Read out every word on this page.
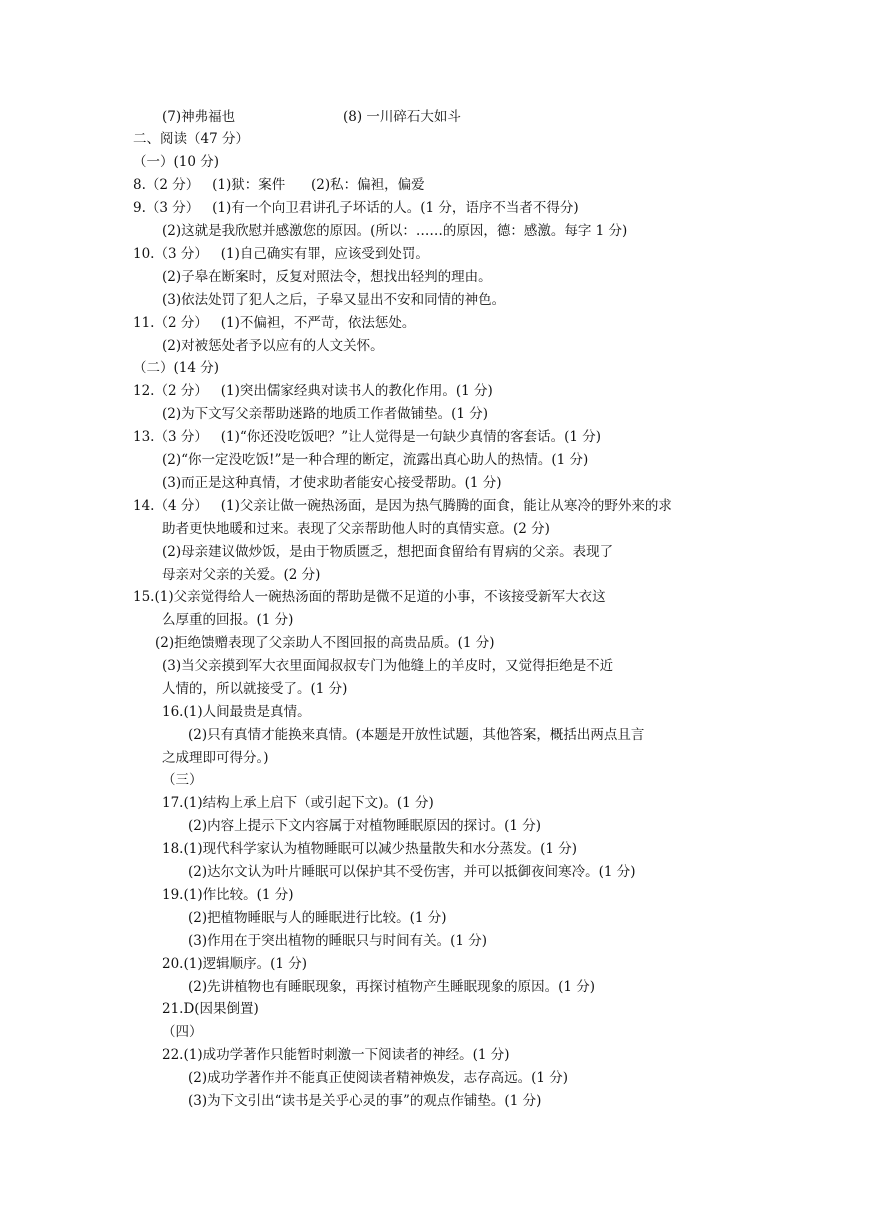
(7)神弗福也	(8) 一川碎石大如斗
二、阅读（47 分）
（一）(10 分)
8.（2 分）   (1)狱：案件      (2)私：偏袒，偏爱
9.（3 分）   (1)有一个向卫君讲孔子坏话的人。(1 分，语序不当者不得分)
(2)这就是我欣慰并感激您的原因。(所以：……的原因，德：感激。每字 1 分)
10.（3 分）   (1)自己确实有罪，应该受到处罚。
(2)子皋在断案时，反复对照法令，想找出轻判的理由。
(3)依法处罚了犯人之后，子皋又显出不安和同情的神色。
11.（2 分）   (1)不偏袒，不严苛，依法惩处。
(2)对被惩处者予以应有的人文关怀。
（二）(14 分)
12.（2 分）   (1)突出儒家经典对读书人的教化作用。(1 分)
(2)为下文写父亲帮助迷路的地质工作者做铺垫。(1 分)
13.（3 分）   (1)“你还没吃饭吧？”让人觉得是一句缺少真情的客套话。(1 分)
(2)“你一定没吃饭!”是一种合理的断定，流露出真心助人的热情。(1 分)
(3)而正是这种真情，才使求助者能安心接受帮助。(1 分)
14.（4 分）   (1)父亲让做一碗热汤面，是因为热气腾腾的面食，能让从寒冷的野外来的求
助者更快地暖和过来。表现了父亲帮助他人时的真情实意。(2 分)
(2)母亲建议做炒饭，是由于物质匮乏，想把面食留给有胃病的父亲。表现了
母亲对父亲的关爱。(2 分)
15.(1)父亲觉得给人一碗热汤面的帮助是微不足道的小事，不该接受新军大衣这
么厚重的回报。(1 分)
(2)拒绝馈赠表现了父亲助人不图回报的高贵品质。(1 分)
(3)当父亲摸到军大衣里面闻叔叔专门为他缝上的羊皮时，又觉得拒绝是不近
人情的，所以就接受了。(1 分)
16.(1)人间最贵是真情。
(2)只有真情才能换来真情。(本题是开放性试题，其他答案，概括出两点且言
之成理即可得分。)
（三）
17.(1)结构上承上启下（或引起下文)。(1 分)
(2)内容上提示下文内容属于对植物睡眠原因的探讨。(1 分)
18.(1)现代科学家认为植物睡眠可以减少热量散失和水分蒸发。(1 分)
(2)达尔文认为叶片睡眠可以保护其不受伤害，并可以抵御夜间寒冷。(1 分)
19.(1)作比较。(1 分)
(2)把植物睡眠与人的睡眠进行比较。(1 分)
(3)作用在于突出植物的睡眠只与时间有关。(1 分)
20.(1)逻辑顺序。(1 分)
(2)先讲植物也有睡眠现象，再探讨植物产生睡眠现象的原因。(1 分)
21.D(因果倒置)
（四）
22.(1)成功学著作只能暂时刺激一下阅读者的神经。(1 分)
(2)成功学著作并不能真正使阅读者精神焕发，志存高远。(1 分)
(3)为下文引出“读书是关乎心灵的事”的观点作铺垫。(1 分)
